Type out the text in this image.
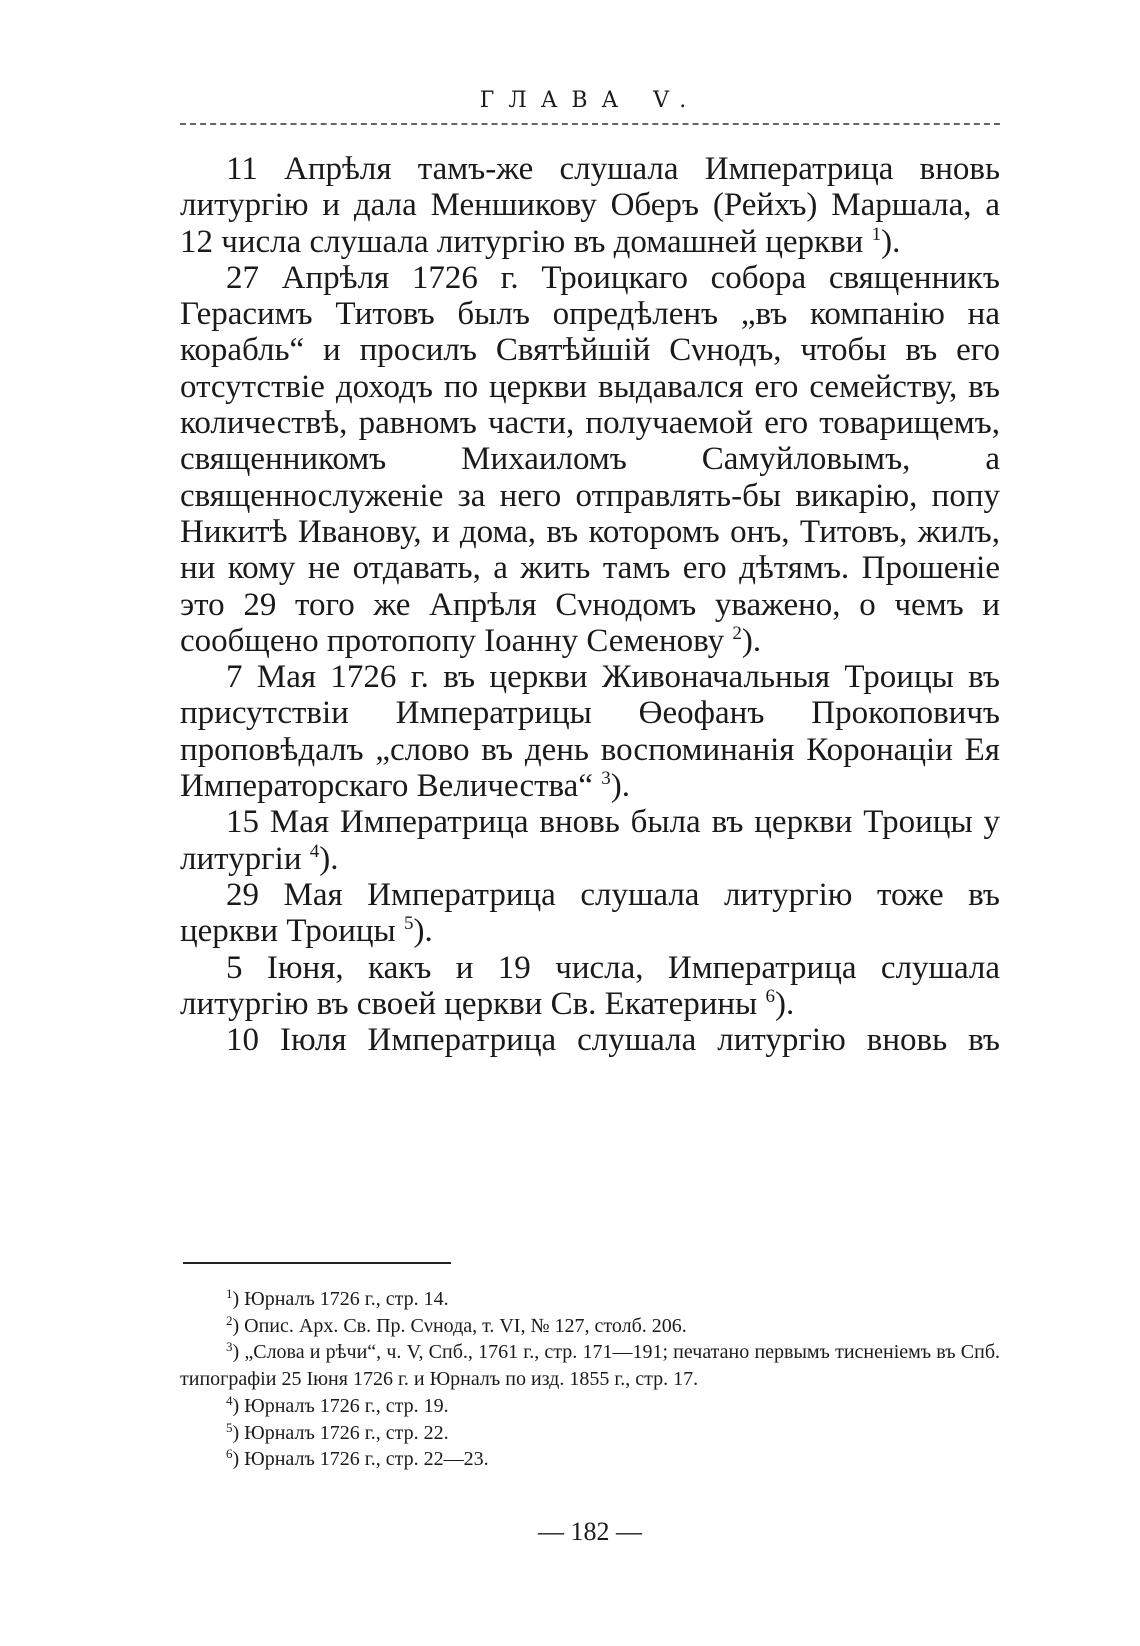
ГЛАВА V.

11 Апрѣля тамъ-же слушала Императрица вновь литургію и дала Меншикову Оберъ (Рейхъ) Маршала, а 12 числа слушала литургію въ домашней церкви $^1$).

27 Апрѣля 1726 г. Троицкаго собора священникъ Герасимъ Титовъ былъ опредѣленъ „въ компанію на корабль“ и просилъ Святѣйшій Сνнодъ, чтобы въ его отсутствіе доходъ по церкви выдавался его семейству, въ количествѣ, равномъ части, получаемой его товарищемъ, священникомъ Михаиломъ Самуйловымъ, а священнослуженіе за него отправлять-бы викарію, попу Никитѣ Иванову, и дома, въ которомъ онъ, Титовъ, жилъ, ни кому не отдавать, а жить тамъ его дѣтямъ. Прошеніе это 29 того же Апрѣля Сνнодомъ уважено, о чемъ и сообщено протопопу Іоанну Семенову $^2$).

7 Мая 1726 г. въ церкви Живоначальныя Троицы въ присутствіи Императрицы Өеофанъ Прокоповичъ проповѣдалъ „слово въ день воспоминанія Коронаціи Ея Императорскаго Величества“ $^3$).

15 Мая Императрица вновь была въ церкви Троицы у литургіи $^4$).

29 Мая Императрица слушала литургію тоже въ церкви Троицы $^5$).

5 Іюня, какъ и 19 числа, Императрица слушала литургію въ своей церкви Св. Екатерины $^6$).

10 Іюля Императрица слушала литургію вновь въ

$^1$) Юрналъ 1726 г., стр. 14.
$^2$) Опис. Арх. Св. Пр. Сνнода, т. VI, № 127, столб. 206.
$^3$) „Слова и рѣчи“, ч. V, Спб., 1761 г., стр. 171—191; печатано первымъ тисненіемъ въ Спб. типографіи 25 Іюня 1726 г. и Юрналъ по изд. 1855 г., стр. 17.
$^4$) Юрналъ 1726 г., стр. 19.
$^5$) Юрналъ 1726 г., стр. 22.
$^6$) Юрналъ 1726 г., стр. 22—23.
— 182 —
